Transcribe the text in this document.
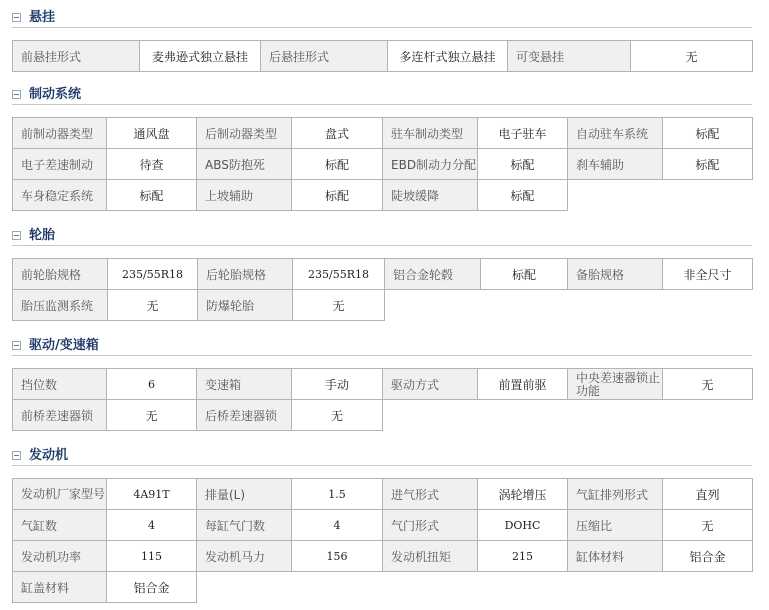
悬挂
前悬挂形式	麦弗逊式独立悬挂	后悬挂形式	多连杆式独立悬挂	可变悬挂	无
制动系统
前制动器类型	通风盘	后制动器类型	盘式	驻车制动类型	电子驻车	自动驻车系统	标配
电子差速制动	待查	ABS防抱死	标配	EBD制动力分配	标配	刹车辅助	标配
车身稳定系统	标配	上坡辅助	标配	陡坡缓降	标配		
轮胎
前轮胎规格	235/55R18	后轮胎规格	235/55R18	铝合金轮毂	标配	备胎规格	非全尺寸
胎压监测系统	无	防爆轮胎	无				
驱动/变速箱
挡位数	6	变速箱	手动	驱动方式	前置前驱	中央差速器锁止功能	无
前桥差速器锁	无	后桥差速器锁	无				
发动机
发动机厂家型号	4A91T	排量(L)	1.5	进气形式	涡轮增压	气缸排列形式	直列
气缸数	4	每缸气门数	4	气门形式	DOHC	压缩比	无
发动机功率	115	发动机马力	156	发动机扭矩	215	缸体材料	铝合金
缸盖材料	铝合金						
